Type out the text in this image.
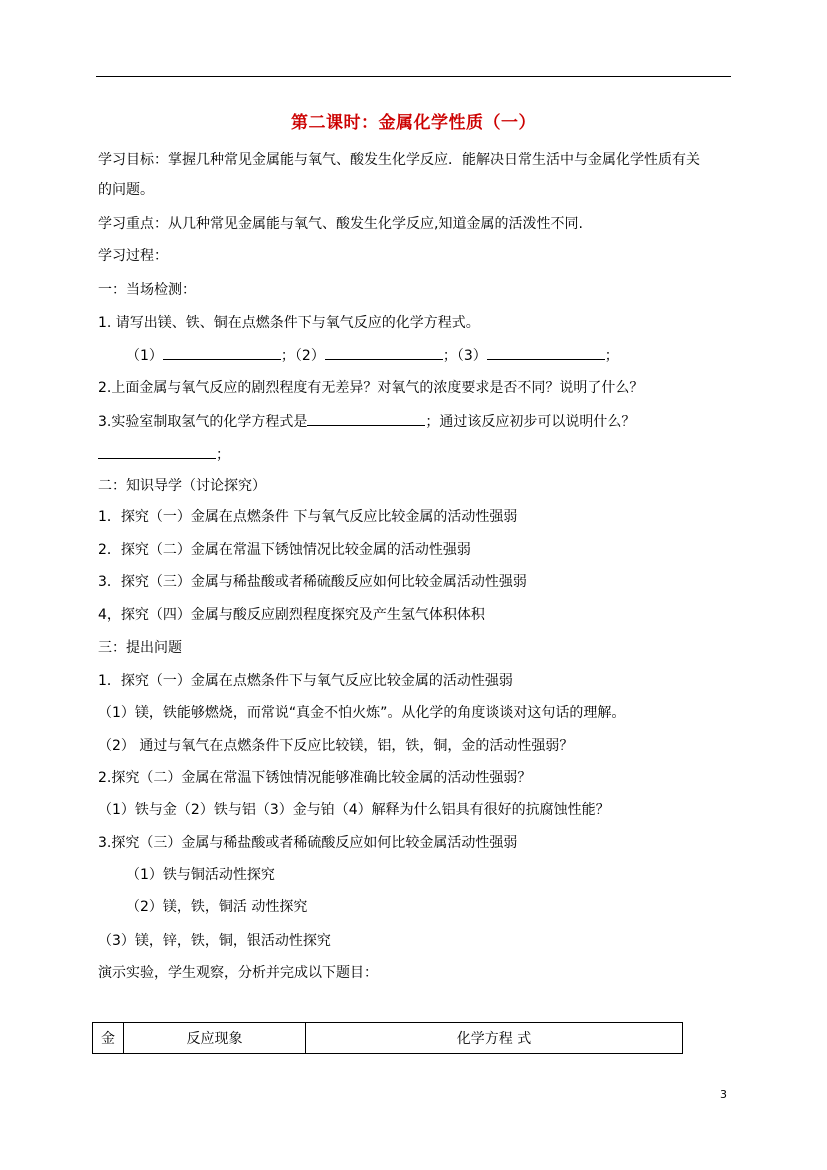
第二课时：金属化学性质（一）
学习目标：掌握几种常见金属能与氧气、酸发生化学反应．能解决日常生活中与金属化学性质有关
的问题。
学习重点：从几种常见金属能与氧气、酸发生化学反应,知道金属的活泼性不同.
学习过程：
一：当场检测：
1. 请写出镁、铁、铜在点燃条件下与氧气反应的化学方程式。
（1）	；（2）	；（3）	；
2.上面金属与氧气反应的剧烈程度有无差异？对氧气的浓度要求是否不同？说明了什么？
3.实验室制取氢气的化学方程式是	；通过该反应初步可以说明什么？
；
二：知识导学（讨论探究）
1．探究（一）金属在点燃条件 下与氧气反应比较金属的活动性强弱
2．探究（二）金属在常温下锈蚀情况比较金属的活动性强弱
3．探究（三）金属与稀盐酸或者稀硫酸反应如何比较金属活动性强弱
4，探究（四）金属与酸反应剧烈程度探究及产生氢气体积体积
三：提出问题
1．探究（一）金属在点燃条件下与氧气反应比较金属的活动性强弱
（1）镁，铁能够燃烧，而常说“真金不怕火炼”。从化学的角度谈谈对这句话的理解。
（2） 通过与氧气在点燃条件下反应比较镁，铝，铁，铜，金的活动性强弱？
2.探究（二）金属在常温下锈蚀情况能够准确比较金属的活动性强弱？
（1）铁与金（2）铁与铝（3）金与铂（4）解释为什么铝具有很好的抗腐蚀性能？
3.探究（三）金属与稀盐酸或者稀硫酸反应如何比较金属活动性强弱
（1）铁与铜活动性探究
（2）镁，铁，铜活 动性探究
（3）镁，锌，铁，铜，银活动性探究
演示实验，学生观察，分析并完成以下题目：
金	反应现象	化学方程 式
3
